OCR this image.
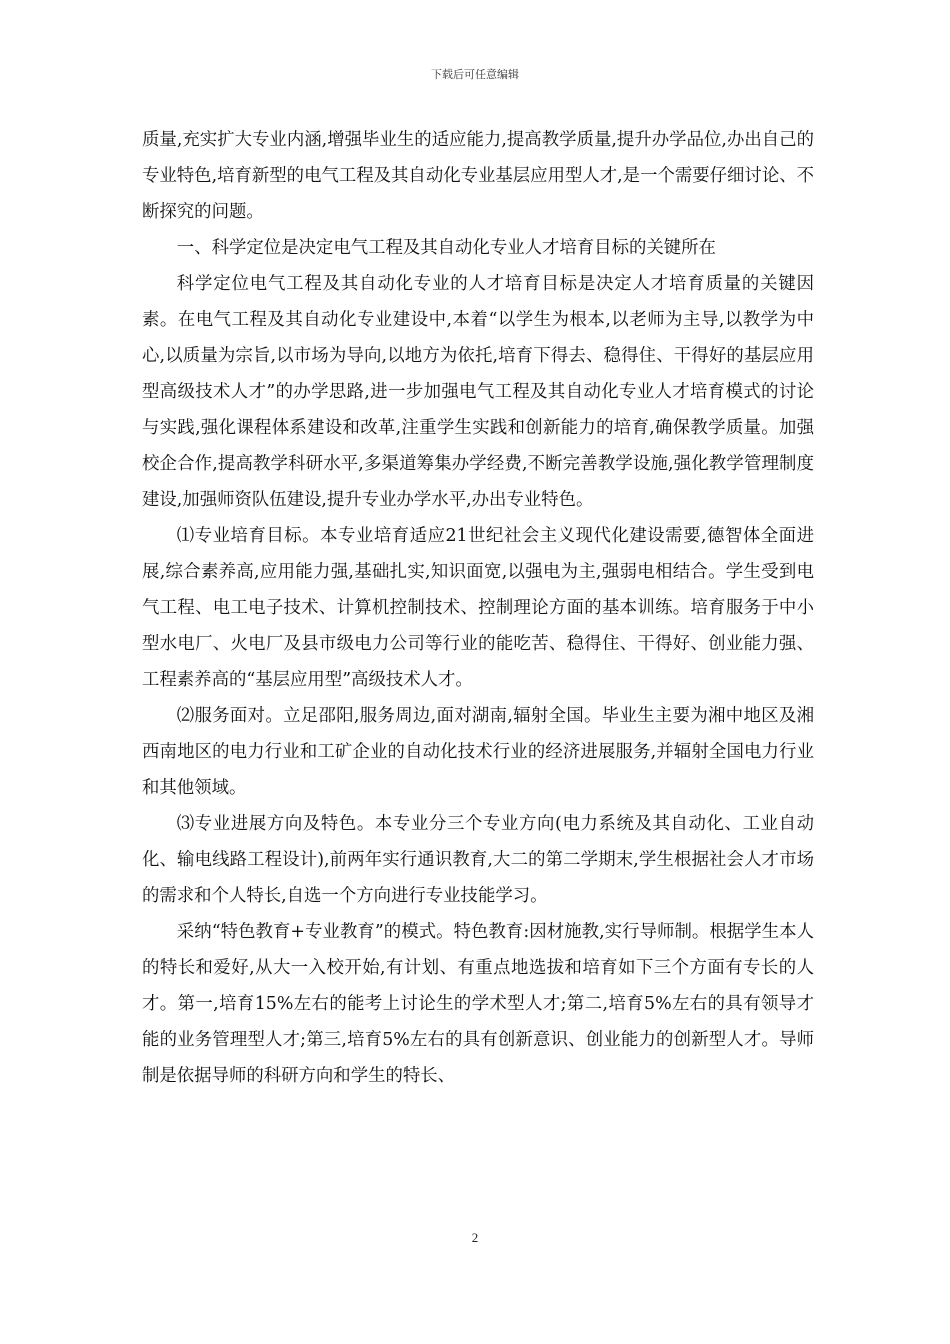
下载后可任意编辑

质量,充实扩大专业内涵,增强毕业生的适应能力,提高教学质量,提升办学品位,办出自己的专业特色,培育新型的电气工程及其自动化专业基层应用型人才,是一个需要仔细讨论、不断探究的问题。

一、科学定位是决定电气工程及其自动化专业人才培育目标的关键所在

科学定位电气工程及其自动化专业的人才培育目标是决定人才培育质量的关键因素。在电气工程及其自动化专业建设中,本着“以学生为根本,以老师为主导,以教学为中心,以质量为宗旨,以市场为导向,以地方为依托,培育下得去、稳得住、干得好的基层应用型高级技术人才”的办学思路,进一步加强电气工程及其自动化专业人才培育模式的讨论与实践,强化课程体系建设和改革,注重学生实践和创新能力的培育,确保教学质量。加强校企合作,提高教学科研水平,多渠道筹集办学经费,不断完善教学设施,强化教学管理制度建设,加强师资队伍建设,提升专业办学水平,办出专业特色。

⑴专业培育目标。本专业培育适应21世纪社会主义现代化建设需要,德智体全面进展,综合素养高,应用能力强,基础扎实,知识面宽,以强电为主,强弱电相结合。学生受到电气工程、电工电子技术、计算机控制技术、控制理论方面的基本训练。培育服务于中小型水电厂、火电厂及县市级电力公司等行业的能吃苦、稳得住、干得好、创业能力强、工程素养高的“基层应用型”高级技术人才。

⑵服务面对。立足邵阳,服务周边,面对湖南,辐射全国。毕业生主要为湘中地区及湘西南地区的电力行业和工矿企业的自动化技术行业的经济进展服务,并辐射全国电力行业和其他领域。

⑶专业进展方向及特色。本专业分三个专业方向(电力系统及其自动化、工业自动化、输电线路工程设计),前两年实行通识教育,大二的第二学期末,学生根据社会人才市场的需求和个人特长,自选一个方向进行专业技能学习。

采纳“特色教育+专业教育”的模式。特色教育:因材施教,实行导师制。根据学生本人的特长和爱好,从大一入校开始,有计划、有重点地选拔和培育如下三个方面有专长的人才。第一,培育15%左右的能考上讨论生的学术型人才;第二,培育5%左右的具有领导才能的业务管理型人才;第三,培育5%左右的具有创新意识、创业能力的创新型人才。导师制是依据导师的科研方向和学生的特长、

2
